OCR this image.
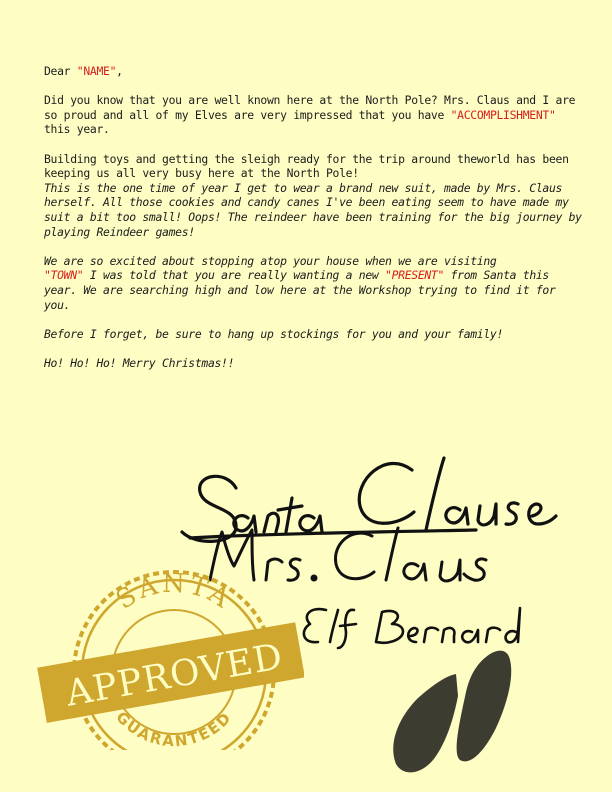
Dear "NAME",

Did you know that you are well known here at the North Pole? Mrs. Claus and I are so proud and all of my Elves are very impressed that you have "ACCOMPLISHMENT" this year.

Building toys and getting the sleigh ready for the trip around theworld has been keeping us all very busy here at the North Pole!
This is the one time of year I get to wear a brand new suit, made by Mrs. Claus herself. All those cookies and candy canes I've been eating seem to have made my suit a bit too small! Oops! The reindeer have been training for the big journey by playing Reindeer games!

We are so excited about stopping atop your house when we are visiting
"TOWN" I was told that you are really wanting a new "PRESENT" from Santa this year. We are searching high and low here at the Workshop trying to find it for you.

Before I forget, be sure to hang up stockings for you and your family!

Ho! Ho! Ho! Merry Christmas!!

SANTA
GUARANTEED
APPROVED
